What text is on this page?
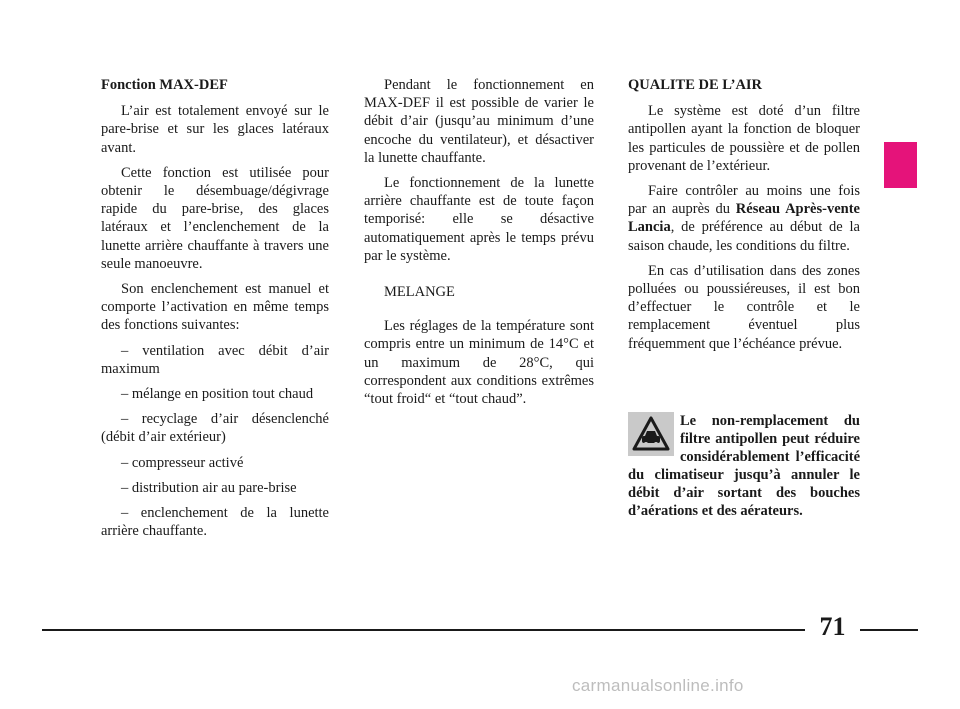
Fonction MAX-DEF

L’air est totalement envoyé sur le pare-brise et sur les glaces latéraux avant.

Cette fonction est utilisée pour obtenir le désembuage/dégivrage rapide du pare-brise, des glaces latéraux et l’enclenchement de la lunette arrière chauffante à travers une seule manoeuvre.

Son enclenchement est manuel et comporte l’activation en même temps des fonctions suivantes:

– ventilation avec débit d’air maximum

– mélange en position tout chaud

– recyclage d’air désenclenché (débit d’air extérieur)

– compresseur activé

– distribution air au pare-brise

– enclenchement de la lunette arrière chauffante.

Pendant le fonctionnement en MAX-DEF il est possible de varier le débit d’air (jusqu’au minimum d’une encoche du ventilateur), et désactiver la lunette chauffante.

Le fonctionnement de la lunette arrière chauffante est de toute façon temporisé: elle se désactive automatiquement après le temps prévu par le système.

MELANGE

Les réglages de la température sont compris entre un minimum de 14°C et un maximum de 28°C, qui correspondent aux conditions extrêmes “tout froid“ et “tout chaud”.

QUALITE DE L’AIR

Le système est doté d’un filtre antipollen ayant la fonction de bloquer les particules de poussière et de pollen provenant de l’extérieur.

Faire contrôler au moins une fois par an auprès du Réseau Après-vente Lancia, de préférence au début de la saison chaude, les conditions du filtre.

En cas d’utilisation dans des zones polluées ou poussiéreuses, il est bon d’effectuer le contrôle et le remplacement éventuel plus fréquemment que l’échéance prévue.

Le non-remplacement du filtre antipollen peut réduire considérablement l’efficacité du climatiseur jusqu’à annuler le débit d’air sortant des bouches d’aérations et des aérateurs.
71
carmanualsonline.info
